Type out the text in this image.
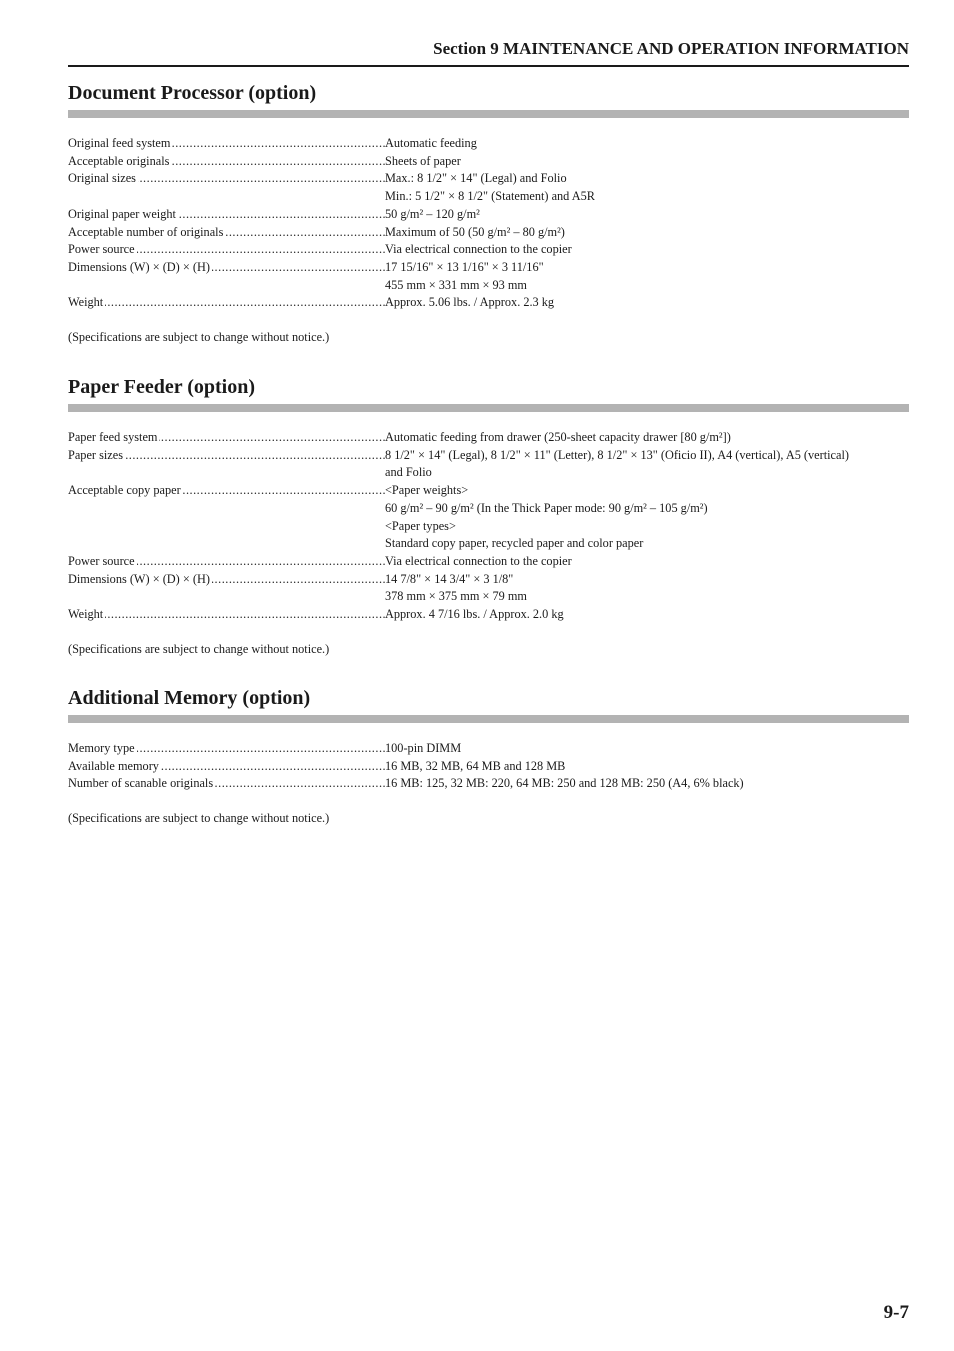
Section 9 MAINTENANCE AND OPERATION INFORMATION
Document Processor (option)
Original feed system .....	Automatic feeding
Acceptable originals .....	Sheets of paper
Original sizes .....	Max.: 8 1/2" × 14" (Legal) and Folio
Min.: 5 1/2" × 8 1/2" (Statement) and A5R
Original paper weight .....	50 g/m² – 120 g/m²
Acceptable number of originals .....	Maximum of 50 (50 g/m² – 80 g/m²)
Power source .....	Via electrical connection to the copier
Dimensions (W) × (D) × (H) .....	17 15/16" × 13 1/16" × 3 11/16"
455 mm × 331 mm × 93 mm
Weight .....	Approx. 5.06 lbs. / Approx. 2.3 kg
(Specifications are subject to change without notice.)
Paper Feeder (option)
Paper feed system .....	Automatic feeding from drawer (250-sheet capacity drawer [80 g/m²])
Paper sizes .....	8 1/2" × 14" (Legal), 8 1/2" × 11" (Letter), 8 1/2" × 13" (Oficio II), A4 (vertical), A5 (vertical)
and Folio
Acceptable copy paper .....	<Paper weights>
60 g/m² – 90 g/m² (In the Thick Paper mode: 90 g/m² – 105 g/m²)
<Paper types>
Standard copy paper, recycled paper and color paper
Power source .....	Via electrical connection to the copier
Dimensions (W) × (D) × (H) .....	14 7/8" × 14 3/4" × 3 1/8"
378 mm × 375 mm × 79 mm
Weight .....	Approx. 4 7/16 lbs. / Approx. 2.0 kg
(Specifications are subject to change without notice.)
Additional Memory (option)
Memory type .....	100-pin DIMM
Available memory .....	16 MB, 32 MB, 64 MB and 128 MB
Number of scanable originals .....	16 MB: 125, 32 MB: 220, 64 MB: 250 and 128 MB: 250 (A4, 6% black)
(Specifications are subject to change without notice.)
9-7
